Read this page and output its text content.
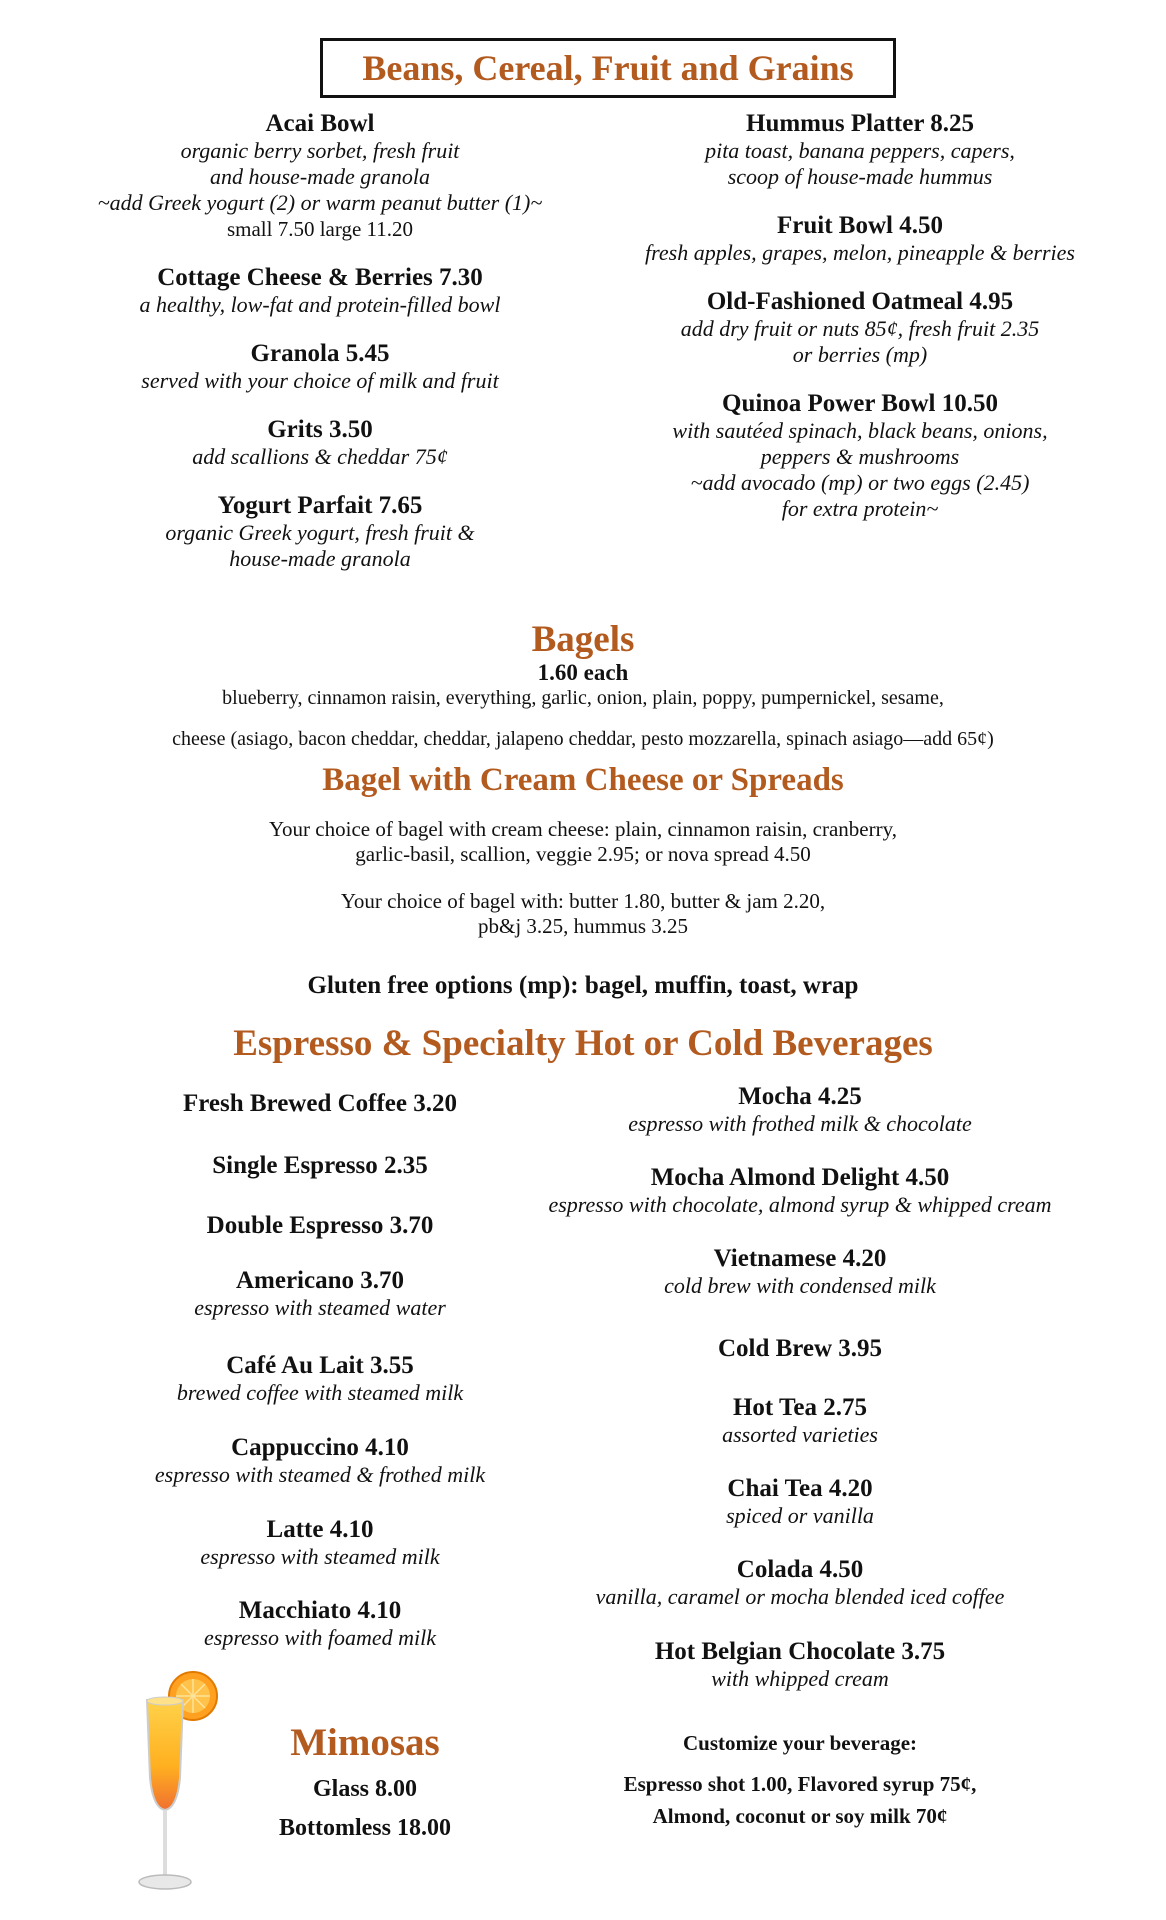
Beans, Cereal, Fruit and Grains
Acai Bowl
organic berry sorbet, fresh fruit
and house-made granola
~add Greek yogurt (2) or warm peanut butter (1)~
small 7.50 large 11.20
Cottage Cheese & Berries 7.30
a healthy, low-fat and protein-filled bowl
Granola 5.45
served with your choice of milk and fruit
Grits 3.50
add scallions & cheddar 75¢
Yogurt Parfait 7.65
organic Greek yogurt, fresh fruit &
house-made granola
Hummus Platter 8.25
pita toast, banana peppers, capers,
scoop of house-made hummus
Fruit Bowl 4.50
fresh apples, grapes, melon, pineapple & berries
Old-Fashioned Oatmeal 4.95
add dry fruit or nuts 85¢, fresh fruit 2.35
or berries (mp)
Quinoa Power Bowl 10.50
with sautéed spinach, black beans, onions,
peppers & mushrooms
~add avocado (mp) or two eggs (2.45)
for extra protein~
Bagels
1.60 each
blueberry, cinnamon raisin, everything, garlic, onion, plain, poppy, pumpernickel, sesame,
cheese (asiago, bacon cheddar, cheddar, jalapeno cheddar, pesto mozzarella, spinach asiago—add 65¢)
Bagel with Cream Cheese or Spreads
Your choice of bagel with cream cheese: plain, cinnamon raisin, cranberry,
garlic-basil, scallion, veggie 2.95; or nova spread 4.50
Your choice of bagel with: butter 1.80, butter & jam 2.20,
pb&j 3.25, hummus 3.25
Gluten free options (mp): bagel, muffin, toast, wrap
Espresso & Specialty Hot or Cold Beverages
Fresh Brewed Coffee 3.20
Single Espresso 2.35
Double Espresso 3.70
Americano 3.70
espresso with steamed water
Café Au Lait 3.55
brewed coffee with steamed milk
Cappuccino 4.10
espresso with steamed & frothed milk
Latte 4.10
espresso with steamed milk
Macchiato 4.10
espresso with foamed milk
Mocha 4.25
espresso with frothed milk & chocolate
Mocha Almond Delight 4.50
espresso with chocolate, almond syrup & whipped cream
Vietnamese 4.20
cold brew with condensed milk
Cold Brew 3.95
Hot Tea 2.75
assorted varieties
Chai Tea 4.20
spiced or vanilla
Colada 4.50
vanilla, caramel or mocha blended iced coffee
Hot Belgian Chocolate 3.75
with whipped cream
Mimosas
Glass 8.00
Bottomless 18.00
Customize your beverage:
Espresso shot 1.00, Flavored syrup 75¢,
Almond, coconut or soy milk 70¢
